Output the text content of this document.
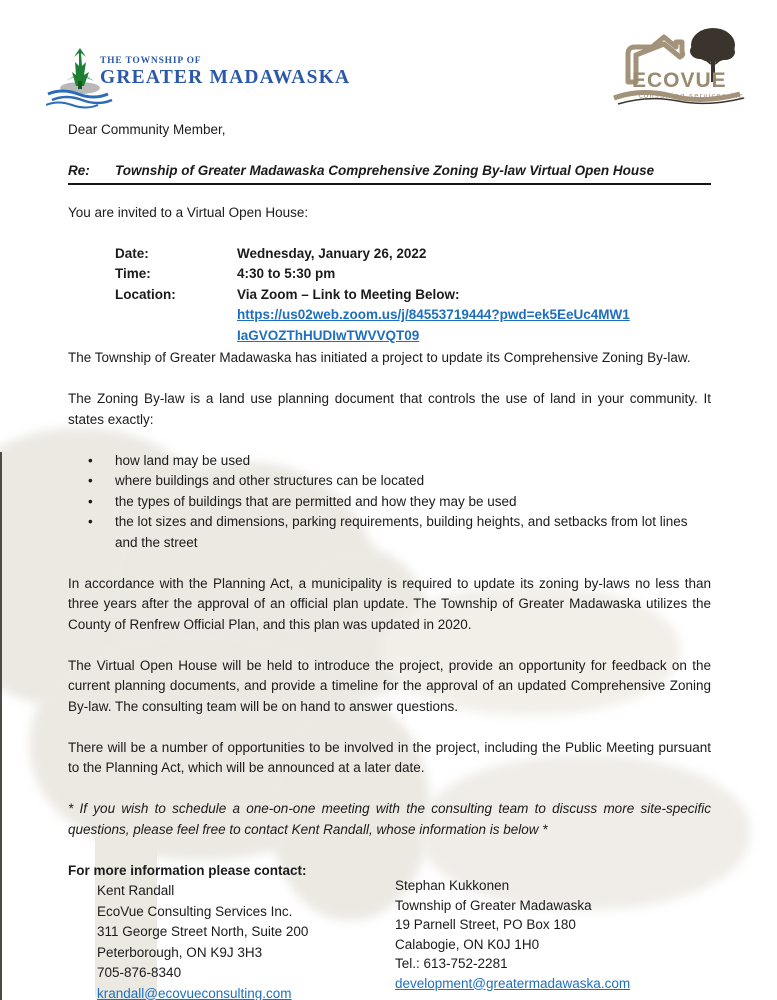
THE TOWNSHIP OF
GREATER MADAWASKA	ECOVUE
consulting services inc.

Dear Community Member,

Re:	Township of Greater Madawaska Comprehensive Zoning By-law Virtual Open House

You are invited to a Virtual Open House:

Date:	Wednesday, January 26, 2022
Time:	4:30 to 5:30 pm
Location:	Via Zoom – Link to Meeting Below:
https://us02web.zoom.us/j/84553719444?pwd=ek5EeUc4MW1
IaGVOZThHUDIwTWVVQT09

The Township of Greater Madawaska has initiated a project to update its Comprehensive Zoning By-law.

The Zoning By-law is a land use planning document that controls the use of land in your community. It states exactly:

• how land may be used
• where buildings and other structures can be located
• the types of buildings that are permitted and how they may be used
• the lot sizes and dimensions, parking requirements, building heights, and setbacks from lot lines and the street

In accordance with the Planning Act, a municipality is required to update its zoning by-laws no less than three years after the approval of an official plan update. The Township of Greater Madawaska utilizes the County of Renfrew Official Plan, and this plan was updated in 2020.

The Virtual Open House will be held to introduce the project, provide an opportunity for feedback on the current planning documents, and provide a timeline for the approval of an updated Comprehensive Zoning By-law. The consulting team will be on hand to answer questions.

There will be a number of opportunities to be involved in the project, including the Public Meeting pursuant to the Planning Act, which will be announced at a later date.

* If you wish to schedule a one-on-one meeting with the consulting team to discuss more site-specific questions, please feel free to contact Kent Randall, whose information is below *

For more information please contact:
Kent Randall
EcoVue Consulting Services Inc.
311 George Street North, Suite 200
Peterborough, ON K9J 3H3
705-876-8340
krandall@ecovueconsulting.com
Stephan Kukkonen
Township of Greater Madawaska
19 Parnell Street, PO Box 180
Calabogie, ON K0J 1H0
Tel.: 613-752-2281
development@greatermadawaska.com
